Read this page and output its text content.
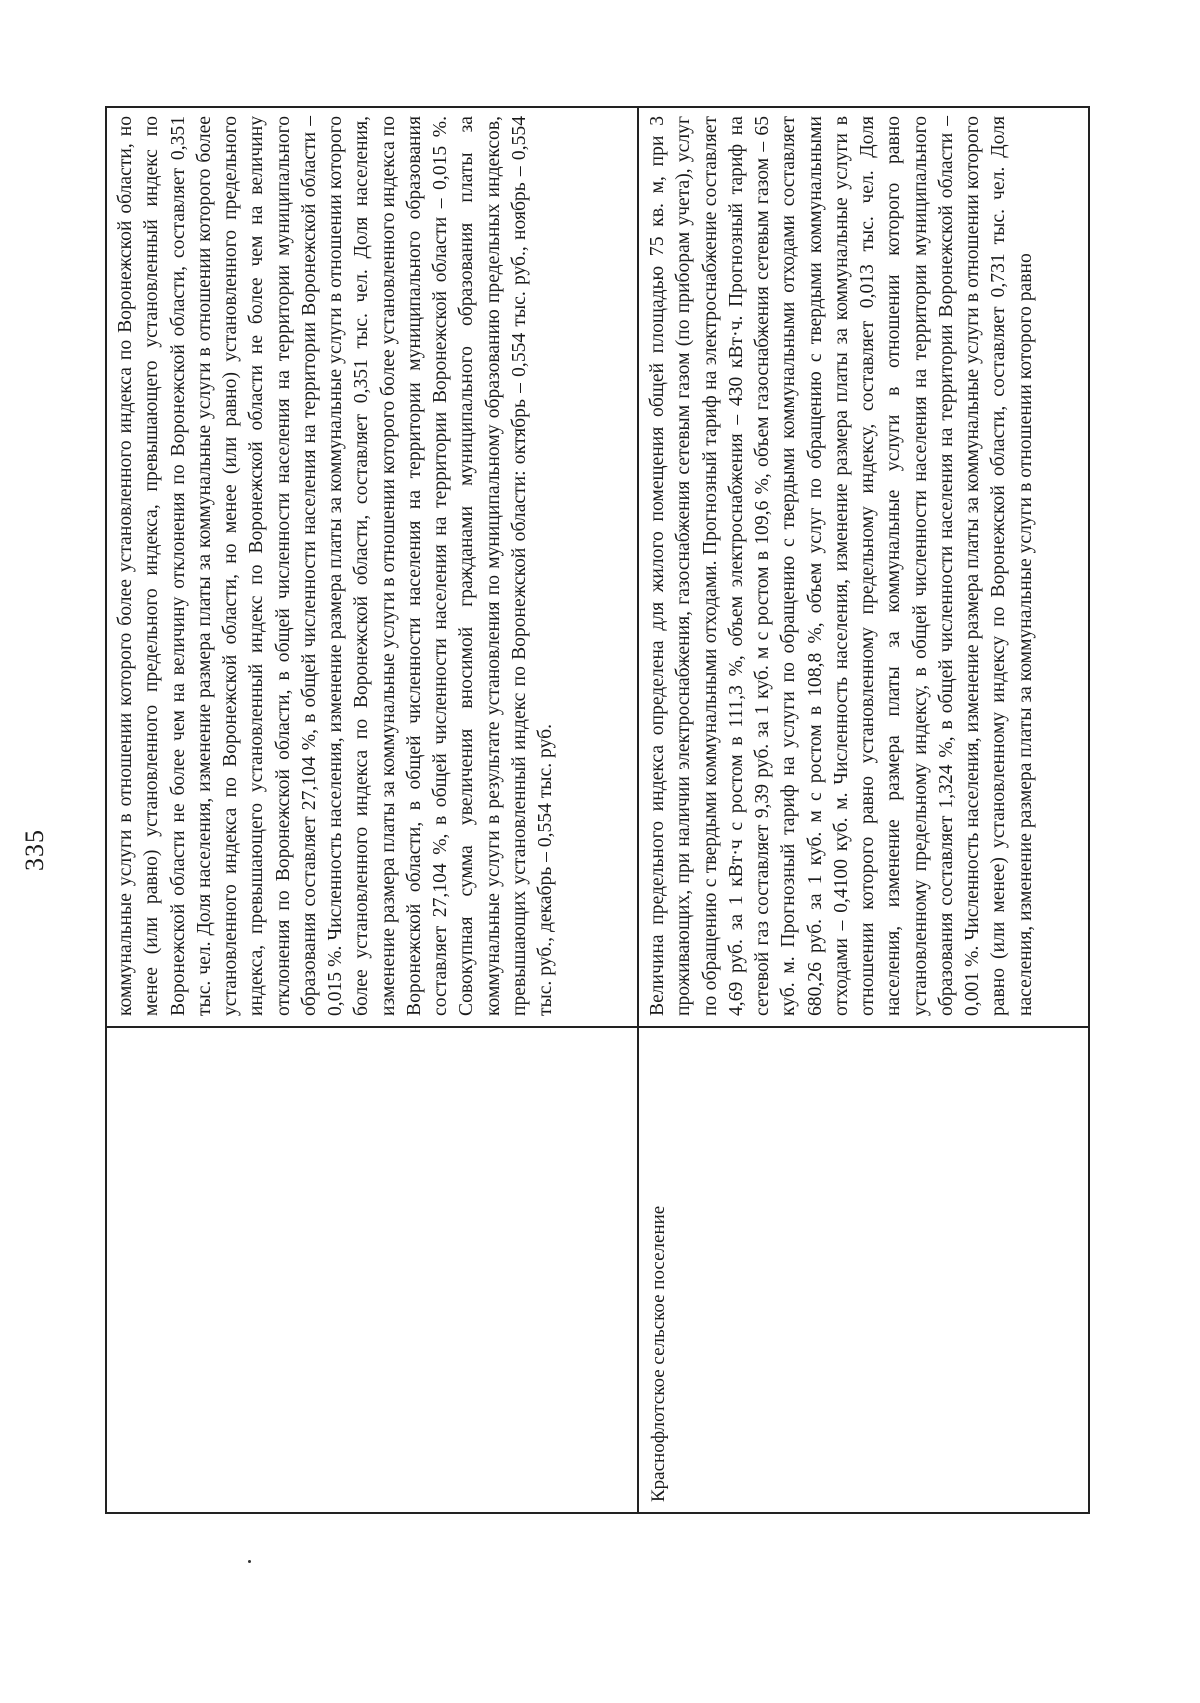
335	коммунальные услуги в отношении которого более установленного индекса по Воронежской области, но менее (или равно) установленного предельного индекса, превышающего установленный индекс по Воронежской области не более чем на величину отклонения по Воронежской области, составляет 0,351 тыс. чел. Доля населения, изменение размера платы за коммунальные услуги в отношении которого более установленного индекса по Воронежской области, но менее (или равно) установленного предельного индекса, превышающего установленный индекс по Воронежской области не более чем на величину отклонения по Воронежской области, в общей численности населения на территории муниципального образования составляет 27,104 %, в общей численности населения на территории Воронежской области – 0,015 %. Численность населения, изменение размера платы за коммунальные услуги в отношении которого более установленного индекса по Воронежской области, составляет 0,351 тыс. чел. Доля населения, изменение размера платы за коммунальные услуги в отношении которого более установленного индекса по Воронежской области, в общей численности населения на территории муниципального образования составляет 27,104 %, в общей численности населения на территории Воронежской области – 0,015 %. Совокупная сумма увеличения вносимой гражданами муниципального образования платы за коммунальные услуги в результате установления по муниципальному образованию предельных индексов, превышающих установленный индекс по Воронежской области: октябрь – 0,554 тыс. руб., ноябрь – 0,554 тыс. руб., декабрь – 0,554 тыс. руб.
Краснофлотское сельское поселение
Величина предельного индекса определена для жилого помещения общей площадью 75 кв. м, при 3 проживающих, при наличии электроснабжения, газоснабжения сетевым газом (по приборам учета), услуг по обращению с твердыми коммунальными отходами. Прогнозный тариф на электроснабжение составляет 4,69 руб. за 1 кВт·ч с ростом в 111,3 %, объем электроснабжения – 430 кВт·ч. Прогнозный тариф на сетевой газ составляет 9,39 руб. за 1 куб. м с ростом в 109,6 %, объем газоснабжения сетевым газом – 65 куб. м. Прогнозный тариф на услуги по обращению с твердыми коммунальными отходами составляет 680,26 руб. за 1 куб. м с ростом в 108,8 %, объем услуг по обращению с твердыми коммунальными отходами – 0,4100 куб. м. Численность населения, изменение размера платы за коммунальные услуги в отношении которого равно установленному предельному индексу, составляет 0,013 тыс. чел. Доля населения, изменение размера платы за коммунальные услуги в отношении которого равно установленному предельному индексу, в общей численности населения на территории муниципального образования составляет 1,324 %, в общей численности населения на территории Воронежской области – 0,001 %. Численность населения, изменение размера платы за коммунальные услуги в отношении которого равно (или менее) установленному индексу по Воронежской области, составляет 0,731 тыс. чел. Доля населения, изменение размера платы за коммунальные услуги в отношении которого равно
